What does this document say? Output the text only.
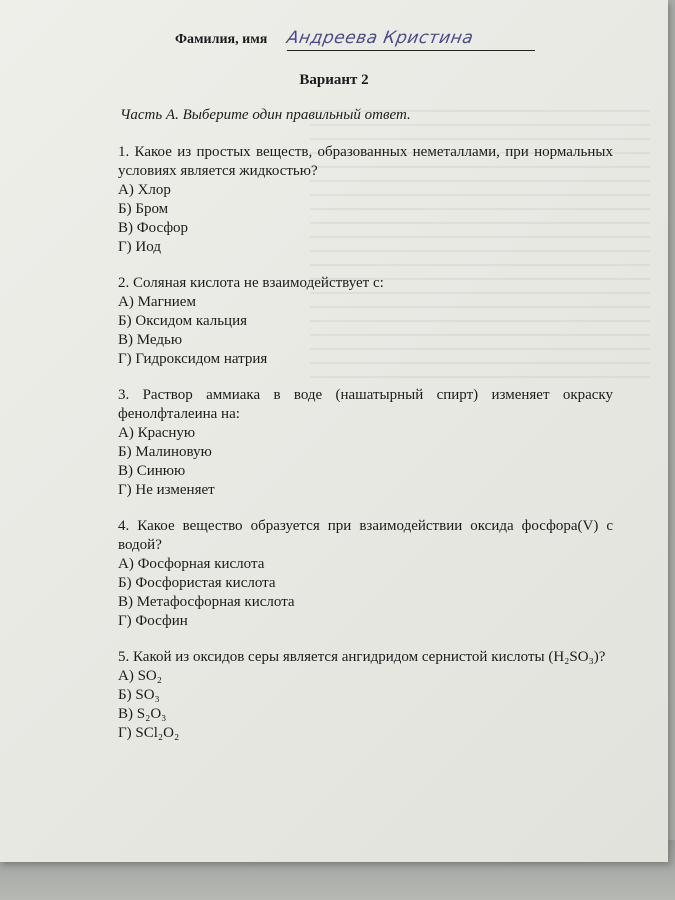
Фамилия, имя Андреева Кристина
Вариант 2
Часть А. Выберите один правильный ответ.
1. Какое из простых веществ, образованных неметаллами, при нормальных условиях является жидкостью?
А) Хлор
Б) Бром
В) Фосфор
Г) Иод
2. Соляная кислота не взаимодействует с:
А) Магнием
Б) Оксидом кальция
В) Медью
Г) Гидроксидом натрия
3. Раствор аммиака в воде (нашатырный спирт) изменяет окраску фенолфталеина на:
А) Красную
Б) Малиновую
В) Синюю
Г) Не изменяет
4. Какое вещество образуется при взаимодействии оксида фосфора(V) с водой?
А) Фосфорная кислота
Б) Фосфористая кислота
В) Метафосфорная кислота
Г) Фосфин
5. Какой из оксидов серы является ангидридом сернистой кислоты (H₂SO₃)?
А) SO₂
Б) SO₃
В) S₂O₃
Г) SCl₂O₂
